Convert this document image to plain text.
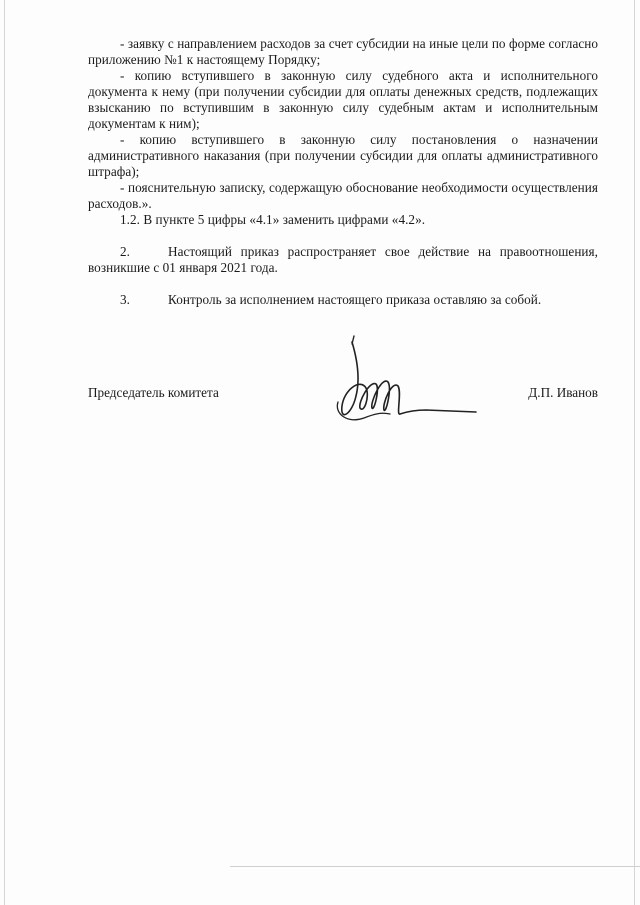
- заявку с направлением расходов за счет субсидии на иные цели по форме согласно приложению №1 к настоящему Порядку;

- копию вступившего в законную силу судебного акта и исполнительного документа к нему (при получении субсидии для оплаты денежных средств, подлежащих взысканию по вступившим в законную силу судебным актам и исполнительным документам к ним);

- копию вступившего в законную силу постановления о назначении административного наказания (при получении субсидии для оплаты административного штрафа);

- пояснительную записку, содержащую обоснование необходимости осуществления расходов.».

1.2. В пункте 5 цифры «4.1» заменить цифрами «4.2».

2.	Настоящий приказ распространяет свое действие на правоотношения, возникшие с 01 января 2021 года.

3.	Контроль за исполнением настоящего приказа оставляю за собой.

Председатель комитета	Д.П. Иванов
